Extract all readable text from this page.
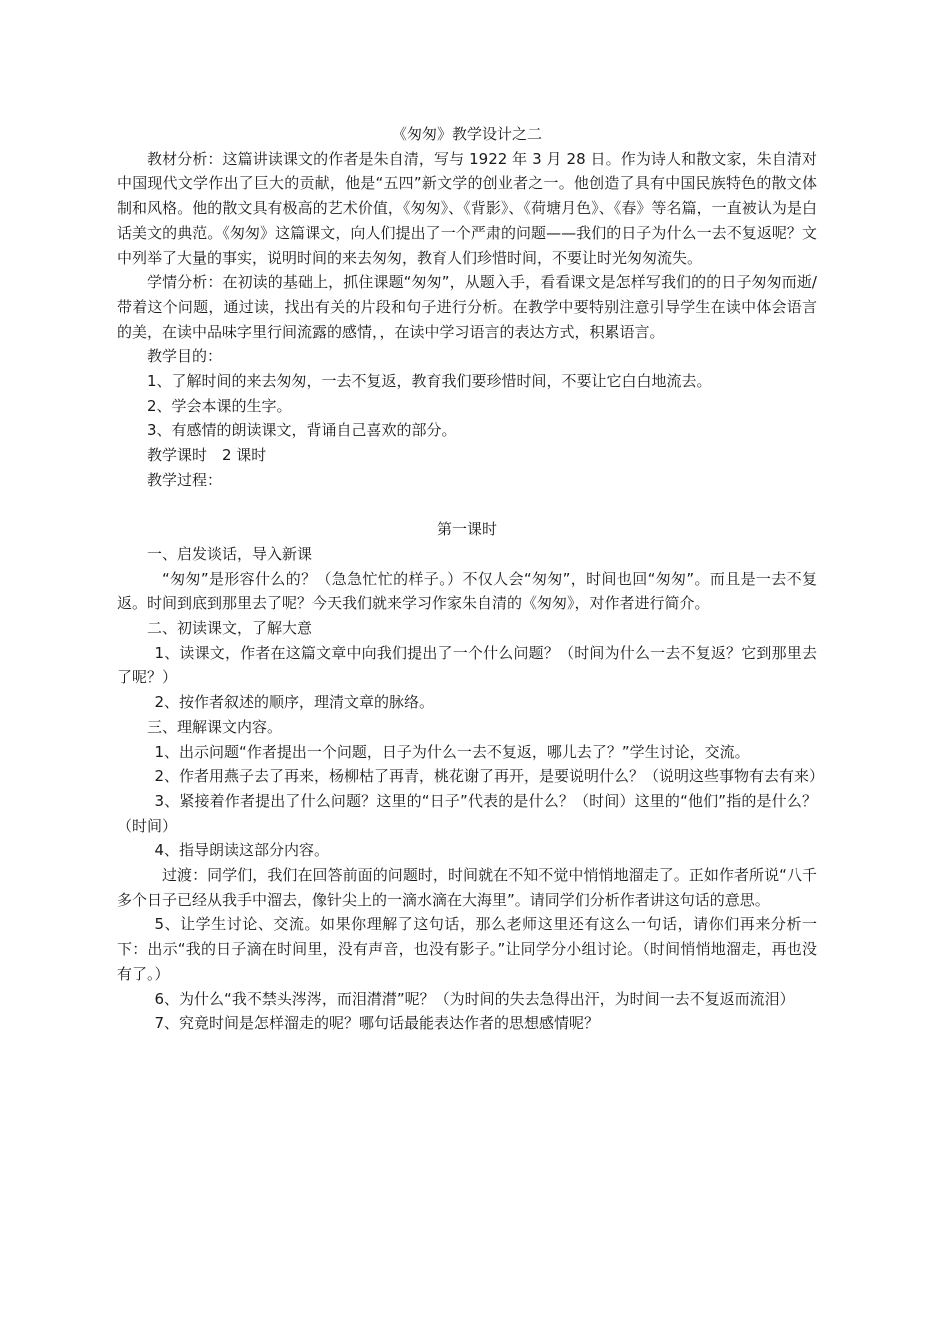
《匆匆》教学设计之二

教材分析：这篇讲读课文的作者是朱自清，写与 1922 年 3 月 28 日。作为诗人和散文家，朱自清对中国现代文学作出了巨大的贡献，他是“五四”新文学的创业者之一。他创造了具有中国民族特色的散文体制和风格。他的散文具有极高的艺术价值，《匆匆》、《背影》、《荷塘月色》、《春》等名篇，一直被认为是白话美文的典范。《匆匆》这篇课文，向人们提出了一个严肃的问题——我们的日子为什么一去不复返呢？文中列举了大量的事实，说明时间的来去匆匆，教育人们珍惜时间，不要让时光匆匆流失。

学情分析：在初读的基础上，抓住课题“匆匆”，从题入手，看看课文是怎样写我们的的日子匆匆而逝/带着这个问题，通过读，找出有关的片段和句子进行分析。在教学中要特别注意引导学生在读中体会语言的美，在读中品味字里行间流露的感情，，在读中学习语言的表达方式，积累语言。

教学目的：

1、了解时间的来去匆匆，一去不复返，教育我们要珍惜时间，不要让它白白地流去。

2、学会本课的生字。

3、有感情的朗读课文，背诵自己喜欢的部分。

教学课时　2 课时

教学过程：

第一课时

一、启发谈话，导入新课

“匆匆”是形容什么的？（急急忙忙的样子。）不仅人会“匆匆”，时间也回“匆匆”。而且是一去不复返。时间到底到那里去了呢？今天我们就来学习作家朱自清的《匆匆》，对作者进行简介。

二、初读课文，了解大意

1、读课文，作者在这篇文章中向我们提出了一个什么问题？（时间为什么一去不复返？它到那里去了呢？）

2、按作者叙述的顺序，理清文章的脉络。

三、理解课文内容。

1、出示问题“作者提出一个问题，日子为什么一去不复返，哪儿去了？”学生讨论，交流。

2、作者用燕子去了再来，杨柳枯了再青，桃花谢了再开，是要说明什么？（说明这些事物有去有来）

3、紧接着作者提出了什么问题？这里的“日子”代表的是什么？（时间）这里的“他们”指的是什么？（时间）

4、指导朗读这部分内容。

过渡：同学们，我们在回答前面的问题时，时间就在不知不觉中悄悄地溜走了。正如作者所说“八千多个日子已经从我手中溜去，像针尖上的一滴水滴在大海里”。请同学们分析作者讲这句话的意思。

5、让学生讨论、交流。如果你理解了这句话，那么老师这里还有这么一句话，请你们再来分析一下：出示“我的日子滴在时间里，没有声音，也没有影子。”让同学分小组讨论。（时间悄悄地溜走，再也没有了。）

6、为什么“我不禁头涔涔，而泪潸潸”呢？（为时间的失去急得出汗，为时间一去不复返而流泪）

7、究竟时间是怎样溜走的呢？哪句话最能表达作者的思想感情呢？
